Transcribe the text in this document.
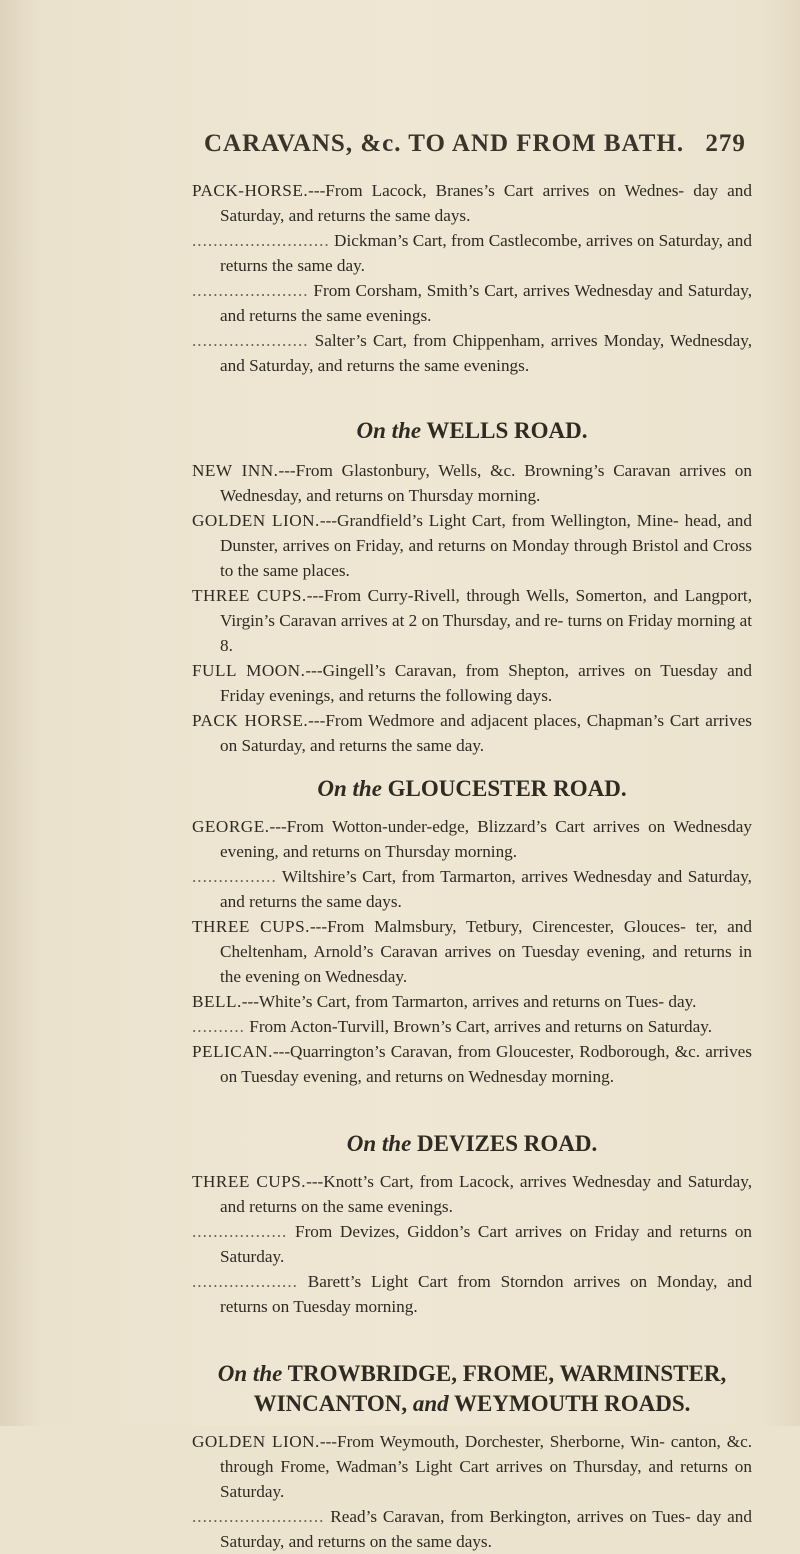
CARAVANS, &c. TO AND FROM BATH. 279

PACK-HORSE.---From Lacock, Branes’s Cart arrives on Wednes- day and Saturday, and returns the same days.

.......................... Dickman’s Cart, from Castlecombe, arrives on Saturday, and returns the same day.

...................... From Corsham, Smith’s Cart, arrives Wednesday and Saturday, and returns the same evenings.

...................... Salter’s Cart, from Chippenham, arrives Monday, Wednesday, and Saturday, and returns the same evenings.

On the WELLS ROAD.

NEW INN.---From Glastonbury, Wells, &c. Browning’s Caravan arrives on Wednesday, and returns on Thursday morning.

GOLDEN LION.---Grandfield’s Light Cart, from Wellington, Mine- head, and Dunster, arrives on Friday, and returns on Monday through Bristol and Cross to the same places.

THREE CUPS.---From Curry-Rivell, through Wells, Somerton, and Langport, Virgin’s Caravan arrives at 2 on Thursday, and re- turns on Friday morning at 8.

FULL MOON.---Gingell’s Caravan, from Shepton, arrives on Tuesday and Friday evenings, and returns the following days.

PACK HORSE.---From Wedmore and adjacent places, Chapman’s Cart arrives on Saturday, and returns the same day.

On the GLOUCESTER ROAD.

GEORGE.---From Wotton-under-edge, Blizzard’s Cart arrives on Wednesday evening, and returns on Thursday morning.

................ Wiltshire’s Cart, from Tarmarton, arrives Wednesday and Saturday, and returns the same days.

THREE CUPS.---From Malmsbury, Tetbury, Cirencester, Glouces- ter, and Cheltenham, Arnold’s Caravan arrives on Tuesday evening, and returns in the evening on Wednesday.

BELL.---White’s Cart, from Tarmarton, arrives and returns on Tues- day.

.......... From Acton-Turvill, Brown’s Cart, arrives and returns on Saturday.

PELICAN.---Quarrington’s Caravan, from Gloucester, Rodborough, &c. arrives on Tuesday evening, and returns on Wednesday morning.

On the DEVIZES ROAD.

THREE CUPS.---Knott’s Cart, from Lacock, arrives Wednesday and Saturday, and returns on the same evenings.

.................. From Devizes, Giddon’s Cart arrives on Friday and returns on Saturday.

.................... Barett’s Light Cart from Storndon arrives on Monday, and returns on Tuesday morning.

On the TROWBRIDGE, FROME, WARMINSTER,
WINCANTON, and WEYMOUTH ROADS.

GOLDEN LION.---From Weymouth, Dorchester, Sherborne, Win- canton, &c. through Frome, Wadman’s Light Cart arrives on Thursday, and returns on Saturday.

......................... Read’s Caravan, from Berkington, arrives on Tues- day and Saturday, and returns on the same days.
